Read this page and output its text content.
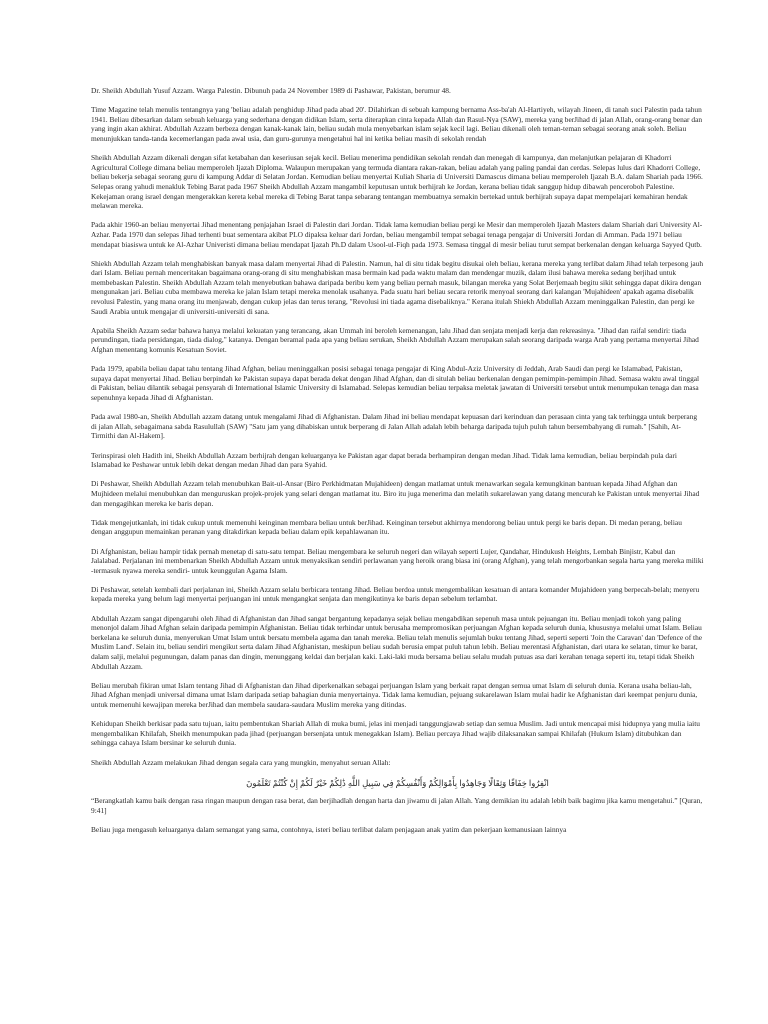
Dr. Sheikh Abdullah Yusuf Azzam. Warga Palestin. Dibunuh pada 24 November 1989 di Pashawar, Pakistan, berumur 48.

Time Magazine telah menulis tentangnya yang 'beliau adalah penghidup Jihad pada abad 20'. Dilahirkan di sebuah kampung bernama Ass-ba'ah Al-Hartiyeh, wilayah Jineen, di tanah suci Palestin pada tahun 1941. Beliau dibesarkan dalam sebuah keluarga yang sederhana dengan didikan Islam, serta diterapkan cinta kepada Allah dan Rasul-Nya (SAW), mereka yang berJihad di jalan Allah, orang-orang benar dan yang ingin akan akhirat. Abdullah Azzam berbeza dengan kanak-kanak lain, beliau sudah mula menyebarkan islam sejak kecil lagi. Beliau dikenali oleh teman-teman sebagai seorang anak soleh. Beliau menunjukkan tanda-tanda kecemerlangan pada awal usia, dan guru-gurunya mengetahui hal ini ketika beliau masih di sekolah rendah

Sheikh Abdullah Azzam dikenali dengan sifat ketabahan dan keseriusan sejak kecil. Beliau menerima pendidikan sekolah rendah dan menegah di kampunya, dan melanjutkan pelajaran di Khadorri Agricultural College dimana beliau memperoleh Ijazah Diploma. Walaupun merupakan yang termuda diantara rakan-rakan, beliau adalah yang paling pandai dan cerdas. Selepas lulus dari Khadorri College, beliau bekerja sebagai seorang guru di kampung Addar di Selatan Jordan. Kemudian beliau menyertai Kuliah Sharia di Universiti Damascus dimana beliau memperoleh Ijazah B.A. dalam Shariah pada 1966. Selepas orang yahudi menakluk Tebing Barat pada 1967 Sheikh Abdullah Azzam mangambil keputusan untuk berhijrah ke Jordan, kerana beliau tidak sanggup hidup dibawah penceroboh Palestine. Kekejaman orang israel dengan mengerakkan kereta kebal mereka di Tebing Barat tanpa sebarang tentangan membuatnya semakin bertekad untuk berhijrah supaya dapat mempelajari kemahiran hendak melawan mereka.

Pada akhir 1960-an beliau menyertai Jihad menentang penjajahan Israel di Palestin dari Jordan. Tidak lama kemudian beliau pergi ke Mesir dan memperoleh Ijazah Masters dalam Shariah dari University Al-Azhar. Pada 1970 dan selepas Jihad terhenti buat sementara akibat PLO dipaksa keluar dari Jordan, beliau mengambil tempat sebagai tenaga pengajar di Universiti Jordan di Amman. Pada 1971 beliau mendapat biasiswa untuk ke Al-Azhar Univeristi dimana beliau mendapat Ijazah Ph.D dalam Usool-ul-Fiqh pada 1973. Semasa tinggal di mesir beliau turut sempat berkenalan dengan keluarga Sayyed Qutb.

Shiekh Abdullah Azzam telah menghabiskan banyak masa dalam menyertai Jihad di Palestin. Namun, hal di situ tidak begitu disukai oleh beliau, kerana mereka yang terlibat dalam Jihad telah terpesong jauh dari Islam. Beliau pernah menceritakan bagaimana orang-orang di situ menghabiskan masa bermain kad pada waktu malam dan mendengar muzik, dalam ilusi bahawa mereka sedang berjihad untuk membebaskan Palestin. Sheikh Abdullah Azzam telah menyebutkan bahawa daripada beribu kem yang beliau pernah masuk, bilangan mereka yang Solat Berjemaah begitu sikit sehingga dapat dikira dengan mengunakan jari. Beliau cuba membawa mereka ke jalan Islam tetapi mereka menolak usahanya. Pada suatu hari beliau secara retorik menyoal seorang dari kalangan 'Mujahideen' apakah agama disebalik revolusi Palestin, yang mana orang itu menjawab, dengan cukup jelas dan terus terang, "Revolusi ini tiada agama disebaliknya." Kerana itulah Shiekh Abdullah Azzam meninggalkan Palestin, dan pergi ke Saudi Arabia untuk mengajar di universiti-universiti di sana.

Apabila Sheikh Azzam sedar bahawa hanya melalui kekuatan yang terancang, akan Ummah ini beroleh kemenangan, lalu Jihad dan senjata menjadi kerja dan rekreasinya. "Jihad dan raifal sendiri: tiada perundingan, tiada persidangan, tiada dialog," katanya. Dengan beramal pada apa yang beliau serukan, Sheikh Abdullah Azzam merupakan salah seorang daripada warga Arab yang pertama menyertai Jihad Afghan menentang komunis Kesatuan Soviet.

Pada 1979, apabila beliau dapat tahu tentang Jihad Afghan, beliau meninggalkan posisi sebagai tenaga pengajar di King Abdul-Aziz University di Jeddah, Arab Saudi dan pergi ke Islamabad, Pakistan, supaya dapat menyertai Jihad. Beliau berpindah ke Pakistan supaya dapat berada dekat dengan Jihad Afghan, dan di situlah beliau berkenalan dengan pemimpin-pemimpin Jihad. Semasa waktu awal tinggal di Pakistan, beliau dilantik sebagai pensyarah di International Islamic University di Islamabad. Selepas kemudian beliau terpaksa meletak jawatan di Universiti tersebut untuk menumpukan tenaga dan masa sepenuhnya kepada Jihad di Afghanistan.

Pada awal 1980-an, Sheikh Abdullah azzam datang untuk mengalami Jihad di Afghanistan. Dalam Jihad ini beliau mendapat kepuasan dari kerinduan dan perasaan cinta yang tak terhingga untuk berperang di jalan Allah, sebagaimana sabda Rasulullah (SAW) "Satu jam yang dihabiskan untuk berperang di Jalan Allah adalah lebih beharga daripada tujuh puluh tahun bersembahyang di rumah." [Sahih, At-Tirmithi dan Al-Hakem].

Terinspirasi oleh Hadith ini, Sheikh Abdullah Azzam berhijrah dengan keluarganya ke Pakistan agar dapat berada berhampiran dengan medan Jihad. Tidak lama kemudian, beliau berpindah pula dari Islamabad ke Peshawar untuk lebih dekat dengan medan Jihad dan para Syahid.

Di Peshawar, Sheikh Abdullah Azzam telah menubuhkan Bait-ul-Ansar (Biro Perkhidmatan Mujahideen) dengan matlamat untuk menawarkan segala kemungkinan bantuan kepada Jihad Afghan dan Mujhideen melalui menubuhkan dan menguruskan projek-projek yang selari dengan matlamat itu. Biro itu juga menerima dan melatih sukarelawan yang datang mencurah ke Pakistan untuk menyertai Jihad dan mengagihkan mereka ke baris depan.

Tidak mengejutkanlah, ini tidak cukup untuk memenuhi keinginan membara beliau untuk berJihad. Keinginan tersebut akhirnya mendorong beliau untuk pergi ke baris depan. Di medan perang, beliau dengan anggupun memainkan peranan yang ditakdirkan kepada beliau dalam epik kepahlawanan itu.

Di Afghanistan, beliau hampir tidak pernah menetap di satu-satu tempat. Beliau mengembara ke seluruh negeri dan wilayah seperti Lujer, Qandahar, Hindukush Heights, Lembah Binjistr, Kabul dan Jalalabad. Perjalanan ini membenarkan Sheikh Abdullah Azzam untuk menyaksikan sendiri perlawanan yang heroik orang biasa ini (orang Afghan), yang telah mengorbankan segala harta yang mereka miliki -termasuk nyawa mereka sendiri- untuk keunggulan Agama Islam.

Di Peshawar, setelah kembali dari perjalanan ini, Sheikh Azzam selalu berbicara tentang Jihad. Beliau berdoa untuk mengembalikan kesatuan di antara komander Mujahideen yang berpecah-belah; menyeru kepada mereka yang belum lagi menyertai perjuangan ini untuk mengangkat senjata dan mengikutinya ke baris depan sebelum terlambat.

Abdullah Azzam sangat dipengaruhi oleh Jihad di Afghanistan dan Jihad sangat bergantung kepadanya sejak beliau mengabdikan sepenuh masa untuk pejuangan itu. Beliau menjadi tokoh yang paling menonjol dalam Jihad Afghan selain daripada pemimpin Afghanistan. Beliau tidak terhindar untuk berusaha mempromosikan perjuangan Afghan kepada seluruh dunia, khususnya melalui umat Islam. Beliau berkelana ke seluruh dunia, menyerukan Umat Islam untuk bersatu membela agama dan tanah mereka. Beliau telah menulis sejumlah buku tentang Jihad, seperti seperti 'Join the Caravan' dan 'Defence of the Muslim Land'. Selain itu, beliau sendiri mengikut serta dalam Jihad Afghanistan, meskipun beliau sudah berusia empat puluh tahun lebih. Beliau merentasi Afghanistan, dari utara ke selatan, timur ke barat, dalam salji, melalui pegunungan, dalam panas dan dingin, menunggang keldai dan berjalan kaki. Laki-laki muda bersama beliau selalu mudah putuas asa dari kerahan tenaga seperti itu, tetapi tidak Sheikh Abdullah Azzam.

Beliau merubah fikiran umat Islam tentang Jihad di Afghanistan dan Jihad diperkenalkan sebagai perjuangan Islam yang berkait rapat dengan semua umat Islam di seluruh dunia. Kerana usaha beliau-lah, Jihad Afghan menjadi universal dimana umat Islam daripada setiap bahagian dunia menyertainya. Tidak lama kemudian, pejuang sukarelawan Islam mulai hadir ke Afghanistan dari keempat penjuru dunia, untuk memenuhi kewajipan mereka berJihad dan membela saudara-saudara Muslim mereka yang ditindas.

Kehidupan Sheikh berkisar pada satu tujuan, iaitu pembentukan Shariah Allah di muka bumi, jelas ini menjadi tanggungjawab setiap dan semua Muslim. Jadi untuk mencapai misi hidupnya yang mulia iaitu mengembalikan Khilafah, Sheikh menumpukan pada jihad (perjuangan bersenjata untuk menegakkan Islam). Beliau percaya Jihad wajib dilaksanakan sampai Khilafah (Hukum Islam) ditubuhkan dan sehingga cahaya Islam bersinar ke seluruh dunia.

Sheikh Abdullah Azzam melakukan Jihad dengan segala cara yang mungkin, menyahut seruan Allah:

انْفِرُوا خِفَافًا وَثِقَالًا وَجَاهِدُوا بِأَمْوَالِكُمْ وَأَنْفُسِكُمْ فِي سَبِيلِ اللَّهِ ذَٰلِكُمْ خَيْرٌ لَكُمْ إِنْ كُنْتُمْ تَعْلَمُونَ

“Berangkatlah kamu baik dengan rasa ringan maupun dengan rasa berat, dan berjihadlah dengan harta dan jiwamu di jalan Allah. Yang demikian itu adalah lebih baik bagimu jika kamu mengetahui.” [Quran, 9:41]

Beliau juga mengasuh keluarganya dalam semangat yang sama, contohnya, isteri beliau terlibat dalam penjagaan anak yatim dan pekerjaan kemanusiaan lainnya
